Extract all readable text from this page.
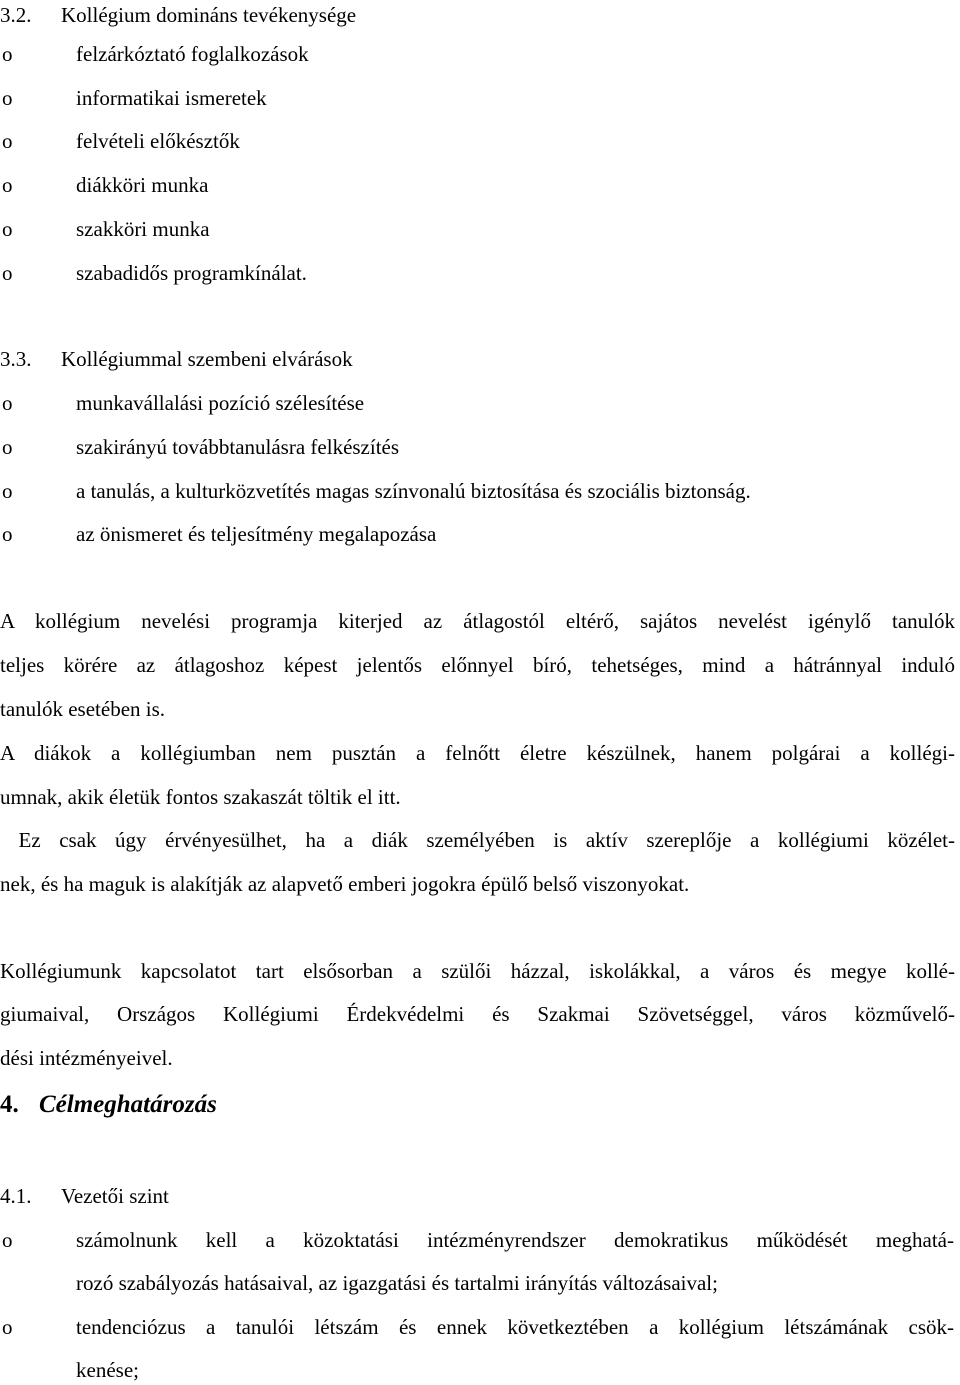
3.2. Kollégium domináns tevékenysége
o	felzárkóztató foglalkozások
o	informatikai ismeretek
o	felvételi előkésztők
o	diákköri munka
o	szakköri munka
o	szabadidős programkínálat.
3.3. Kollégiummal szembeni elvárások
o	munkavállalási pozíció szélesítése
o	szakirányú továbbtanulásra felkészítés
o	a tanulás, a kulturközvetítés magas színvonalú biztosítása és szociális biztonság.
o	az önismeret és teljesítmény megalapozása
A kollégium nevelési programja kiterjed az átlagostól eltérő, sajátos nevelést igénylő tanulók
teljes körére az átlagoshoz képest jelentős előnnyel bíró, tehetséges, mind a hátránnyal induló
tanulók esetében is.
A diákok a kollégiumban nem pusztán a felnőtt életre készülnek, hanem polgárai a kollégi-
umnak, akik életük fontos szakaszát töltik el itt.
Ez csak úgy érvényesülhet, ha a diák személyében is aktív szereplője a kollégiumi közélet-
nek, és ha maguk is alakítják az alapvető emberi jogokra épülő belső viszonyokat.
Kollégiumunk kapcsolatot tart elsősorban a szülői házzal, iskolákkal, a város és megye kollé-
giumaival, Országos Kollégiumi Érdekvédelmi és Szakmai Szövetséggel, város közművelő-
dési intézményeivel.
4. Célmeghatározás
4.1. Vezetői szint
o	számolnunk kell a közoktatási intézményrendszer demokratikus működését meghatá-
rozó szabályozás hatásaival, az igazgatási és tartalmi irányítás változásaival;
o	tendenciózus a tanulói létszám és ennek következtében a kollégium létszámának csök-
kenése;
